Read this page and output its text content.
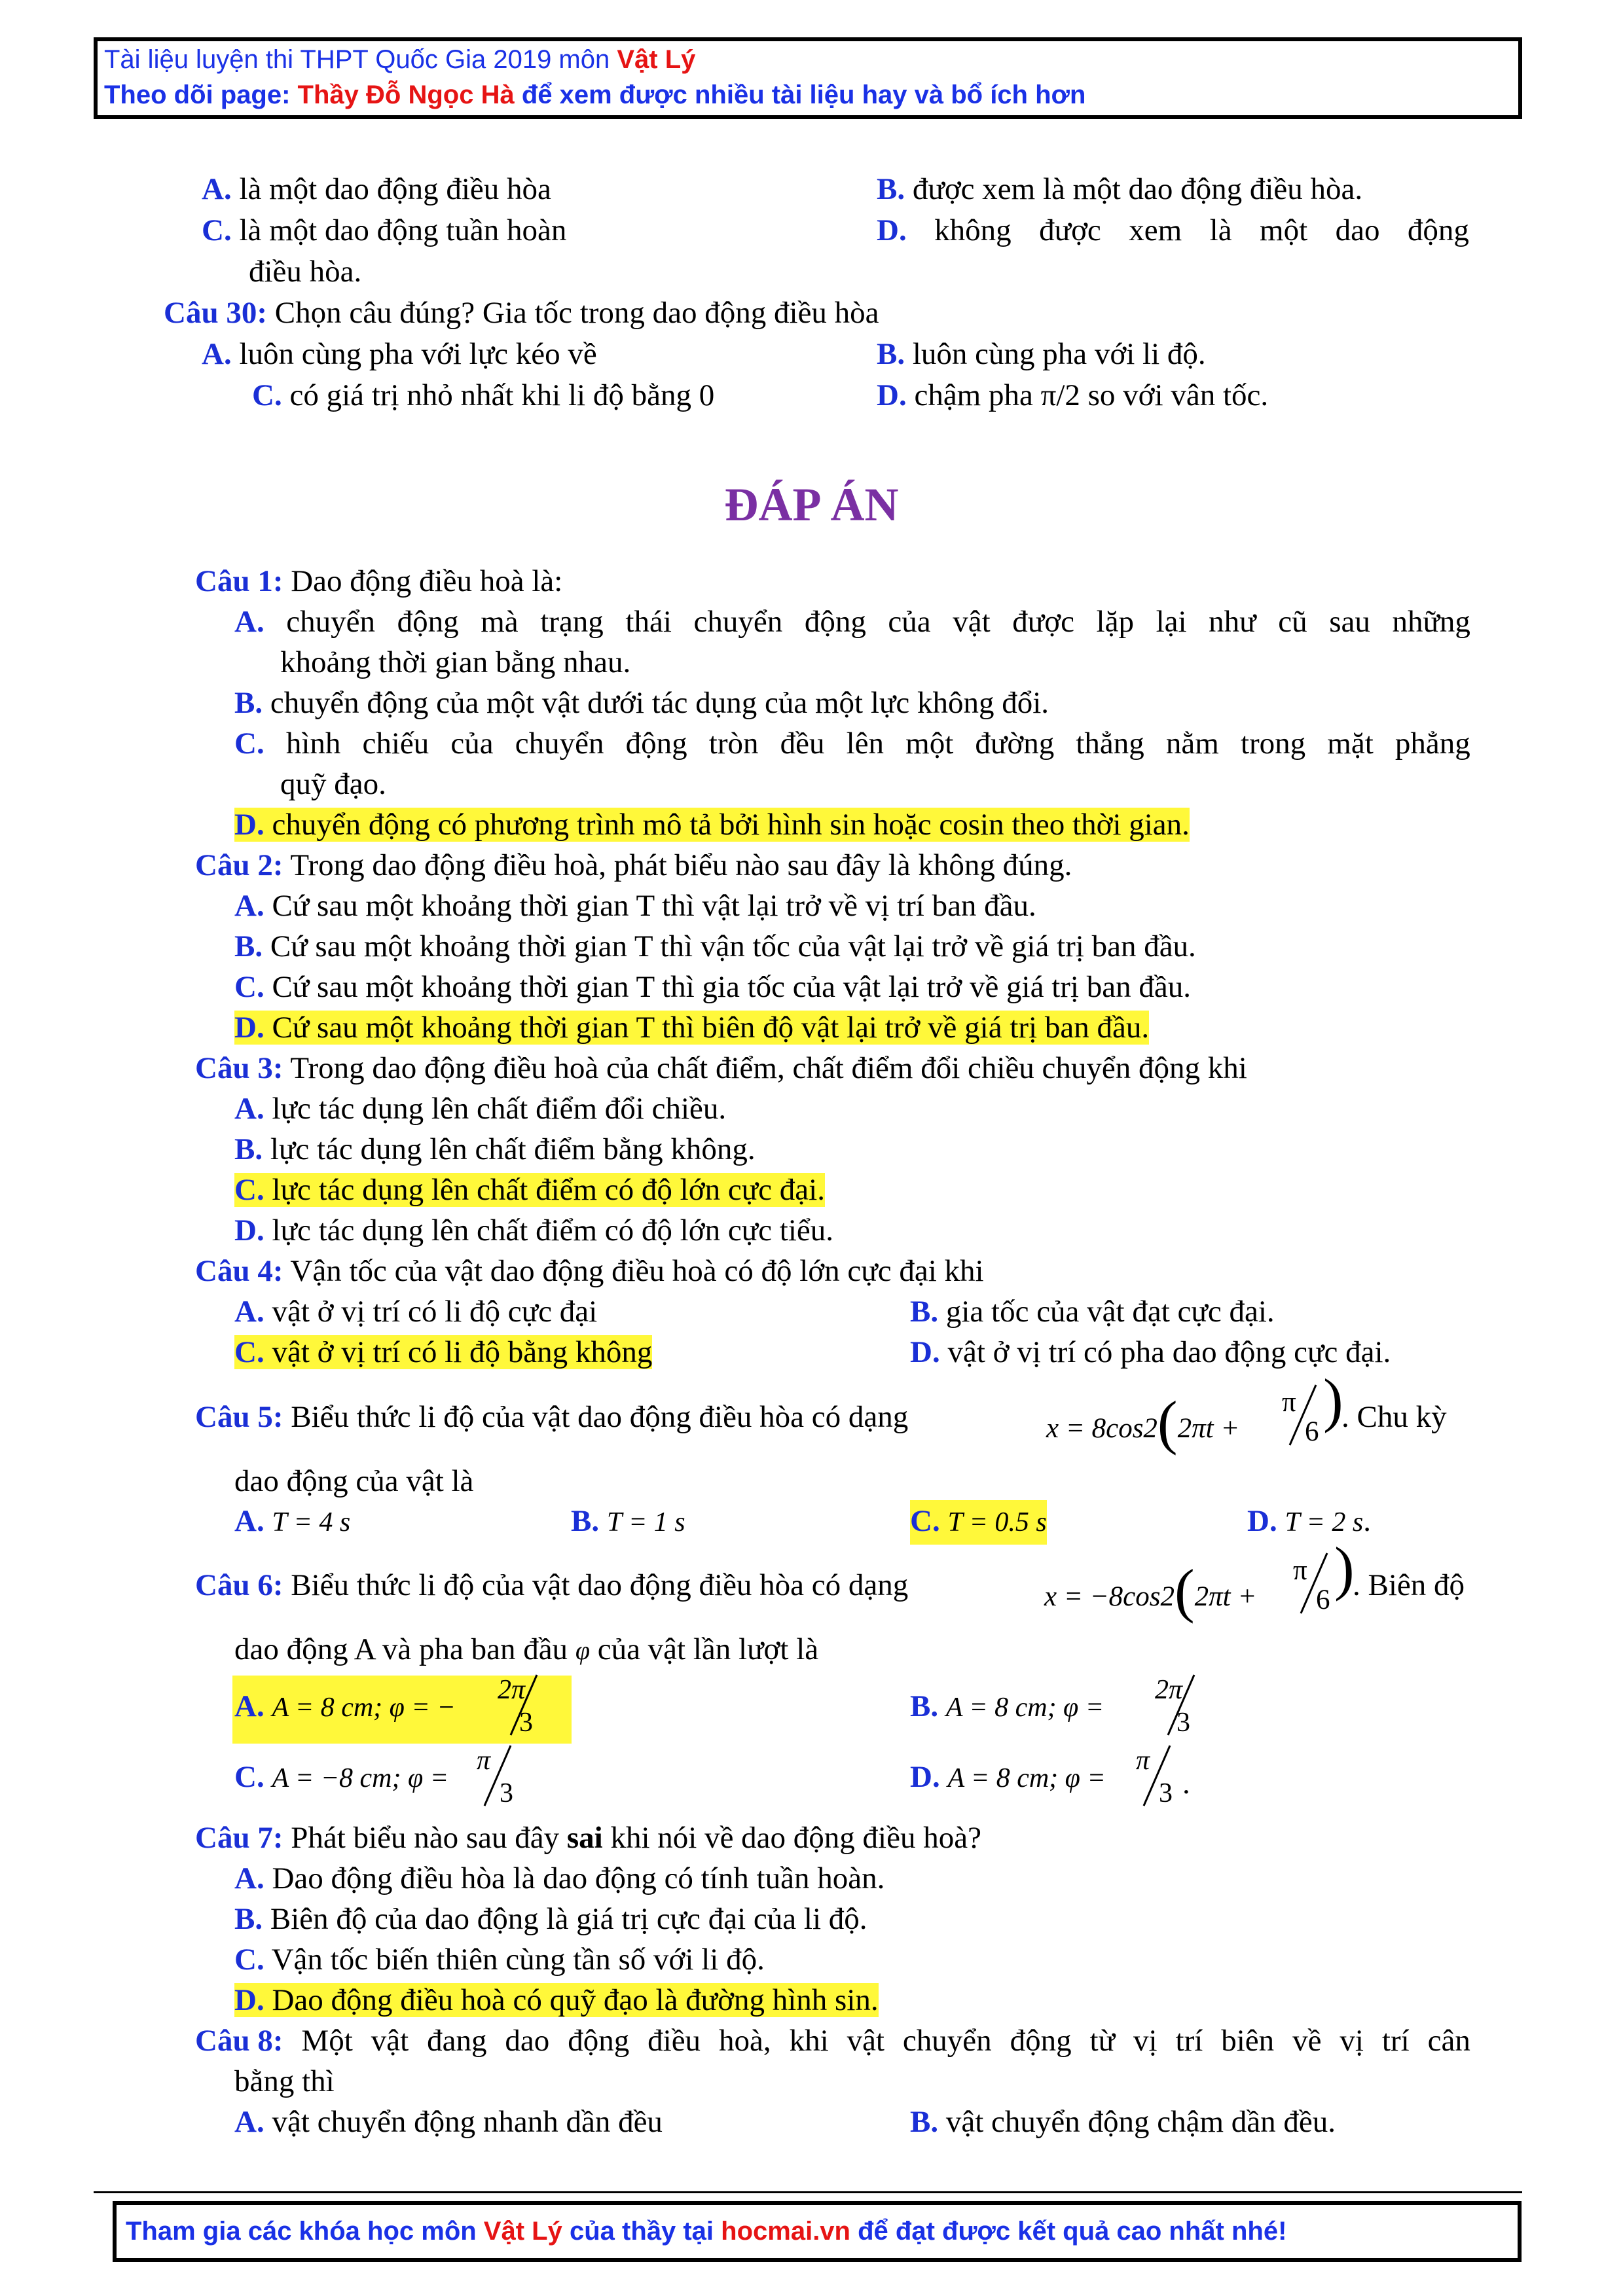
Tài liệu luyện thi THPT Quốc Gia 2019 môn Vật Lý
Theo dõi page: Thầy Đỗ Ngọc Hà để xem được nhiều tài liệu hay và bổ ích hơn
A. là một dao động điều hòa	B. được xem là một dao động điều hòa.
C. là một dao động tuần hoàn	D. không được xem là một dao động
điều hòa.
Câu 30: Chọn câu đúng? Gia tốc trong dao động điều hòa
A. luôn cùng pha với lực kéo về	B. luôn cùng pha với li độ.
C. có giá trị nhỏ nhất khi li độ bằng 0	D. chậm pha π/2 so với vân tốc.
ĐÁP ÁN
Câu 1: Dao động điều hoà là:
A. chuyển động mà trạng thái chuyển động của vật được lặp lại như cũ sau những
khoảng thời gian bằng nhau.
B. chuyển động của một vật dưới tác dụng của một lực không đổi.
C. hình chiếu của chuyển động tròn đều lên một đường thẳng nằm trong mặt phẳng
quỹ đạo.
D. chuyển động có phương trình mô tả bởi hình sin hoặc cosin theo thời gian.
Câu 2: Trong dao động điều hoà, phát biểu nào sau đây là không đúng.
A. Cứ sau một khoảng thời gian T thì vật lại trở về vị trí ban đầu.
B. Cứ sau một khoảng thời gian T thì vận tốc của vật lại trở về giá trị ban đầu.
C. Cứ sau một khoảng thời gian T thì gia tốc của vật lại trở về giá trị ban đầu.
D. Cứ sau một khoảng thời gian T thì biên độ vật lại trở về giá trị ban đầu.
Câu 3: Trong dao động điều hoà của chất điểm, chất điểm đổi chiều chuyển động khi
A. lực tác dụng lên chất điểm đổi chiều.
B. lực tác dụng lên chất điểm bằng không.
C. lực tác dụng lên chất điểm có độ lớn cực đại.
D. lực tác dụng lên chất điểm có độ lớn cực tiểu.
Câu 4: Vận tốc của vật dao động điều hoà có độ lớn cực đại khi
A. vật ở vị trí có li độ cực đại	B. gia tốc của vật đạt cực đại.
C. vật ở vị trí có li độ bằng không	D. vật ở vị trí có pha dao động cực đại.
Câu 5: Biểu thức li độ của vật dao động điều hòa có dạng	x = 8cos2(2πt +
π
6 )
. Chu kỳ
dao động của vật là
A. T = 4 s	B. T = 1 s	C. T = 0.5 s	D. T = 2 s.
Câu 6: Biểu thức li độ của vật dao động điều hòa có dạng	x = −8cos2(2πt +
π
6 )
. Biên độ
dao động A và pha ban đầu φ của vật lần lượt là
A. A = 8 cm; φ = −
2π
3	B. A = 8 cm; φ =
2π
3
C. A = −8 cm; φ =
π
3	D. A = 8 cm; φ =
π
3 .
Câu 7: Phát biểu nào sau đây sai khi nói về dao động điều hoà?
A. Dao động điều hòa là dao động có tính tuần hoàn.
B. Biên độ của dao động là giá trị cực đại của li độ.
C. Vận tốc biến thiên cùng tần số với li độ.
D. Dao động điều hoà có quỹ đạo là đường hình sin.
Câu 8: Một vật đang dao động điều hoà, khi vật chuyển động từ vị trí biên về vị trí cân
bằng thì
A. vật chuyển động nhanh dần đều	B. vật chuyển động chậm dần đều.
Tham gia các khóa học môn Vật Lý của thầy tại hocmai.vn để đạt được kết quả cao nhất nhé!
